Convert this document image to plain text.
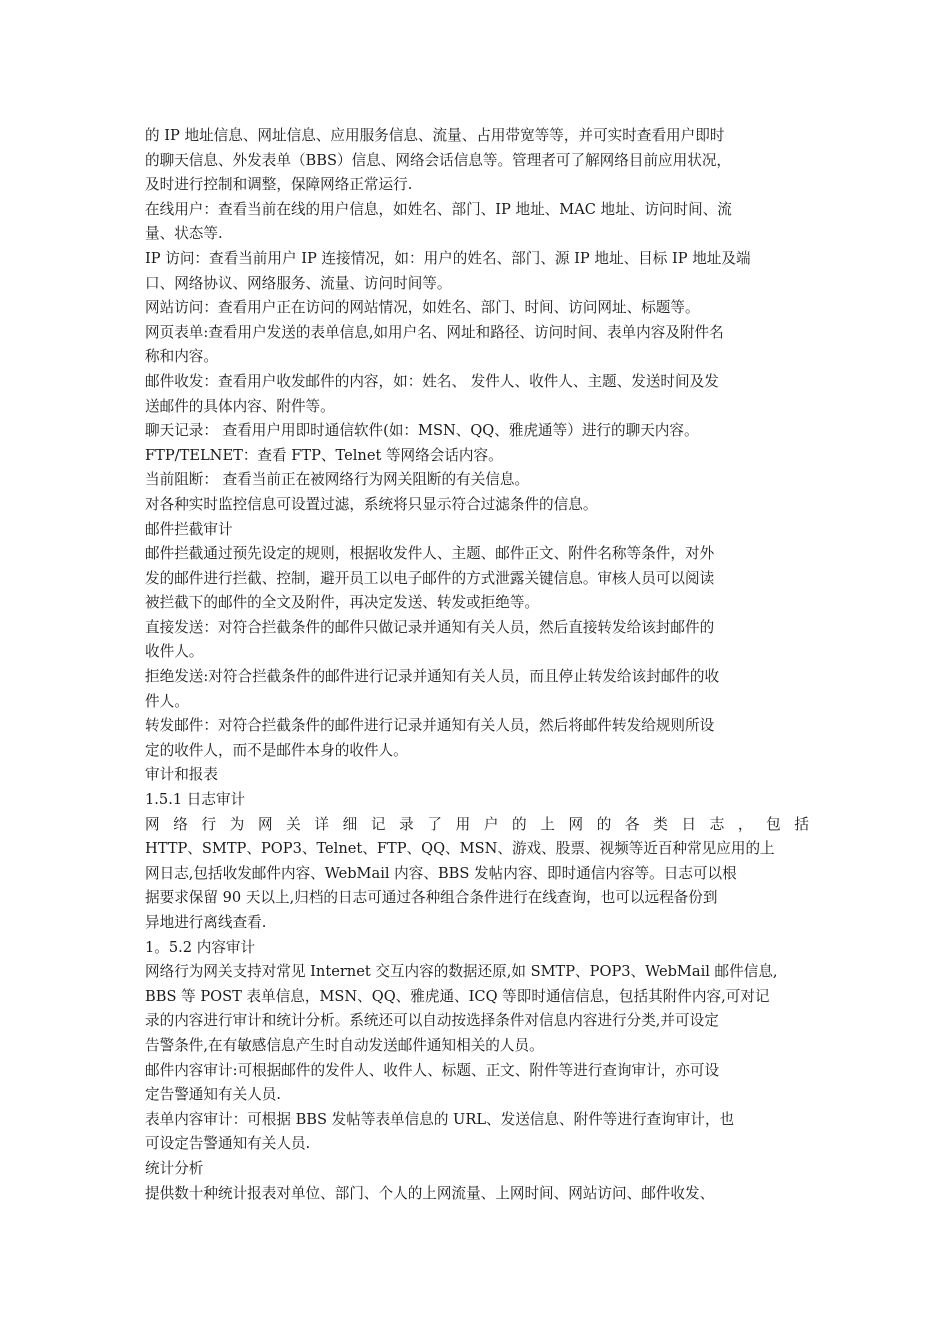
的 IP 地址信息、网址信息、应用服务信息、流量、占用带宽等等，并可实时查看用户即时
的聊天信息、外发表单（BBS）信息、网络会话信息等。管理者可了解网络目前应用状况，
及时进行控制和调整，保障网络正常运行.
在线用户：查看当前在线的用户信息，如姓名、部门、IP 地址、MAC 地址、访问时间、流
量、状态等.
IP 访问：查看当前用户 IP 连接情况，如：用户的姓名、部门、源 IP 地址、目标 IP 地址及端
口、网络协议、网络服务、流量、访问时间等。
网站访问：查看用户正在访问的网站情况，如姓名、部门、时间、访问网址、标题等。
网页表单:查看用户发送的表单信息,如用户名、网址和路径、访问时间、表单内容及附件名
称和内容。
邮件收发：查看用户收发邮件的内容，如：姓名、 发件人、收件人、主题、发送时间及发
送邮件的具体内容、附件等。
聊天记录： 查看用户用即时通信软件(如：MSN、QQ、雅虎通等）进行的聊天内容。
FTP/TELNET：查看 FTP、Telnet 等网络会话内容。
当前阻断： 查看当前正在被网络行为网关阻断的有关信息。
对各种实时监控信息可设置过滤，系统将只显示符合过滤条件的信息。
邮件拦截审计
邮件拦截通过预先设定的规则，根据收发件人、主题、邮件正文、附件名称等条件，对外
发的邮件进行拦截、控制，避开员工以电子邮件的方式泄露关键信息。审核人员可以阅读
被拦截下的邮件的全文及附件，再决定发送、转发或拒绝等。
直接发送：对符合拦截条件的邮件只做记录并通知有关人员，然后直接转发给该封邮件的
收件人。
拒绝发送:对符合拦截条件的邮件进行记录并通知有关人员，而且停止转发给该封邮件的收
件人。
转发邮件：对符合拦截条件的邮件进行记录并通知有关人员，然后将邮件转发给规则所设
定的收件人，而不是邮件本身的收件人。
审计和报表
1.5.1 日志审计
网 络 行 为 网 关 详 细 记 录 了 用 户 的 上 网 的 各 类 日 志 ， 包 括
HTTP、SMTP、POP3、Telnet、FTP、QQ、MSN、游戏、股票、视频等近百种常见应用的上
网日志,包括收发邮件内容、WebMail 内容、BBS 发帖内容、即时通信内容等。日志可以根
据要求保留 90 天以上,归档的日志可通过各种组合条件进行在线查询，也可以远程备份到
异地进行离线查看.
1。5.2 内容审计
网络行为网关支持对常见 Internet 交互内容的数据还原,如 SMTP、POP3、WebMail 邮件信息,
BBS 等 POST 表单信息，MSN、QQ、雅虎通、ICQ 等即时通信信息，包括其附件内容,可对记
录的内容进行审计和统计分析。系统还可以自动按选择条件对信息内容进行分类,并可设定
告警条件,在有敏感信息产生时自动发送邮件通知相关的人员。
邮件内容审计:可根据邮件的发件人、收件人、标题、正文、附件等进行查询审计，亦可设
定告警通知有关人员.
表单内容审计：可根据 BBS 发帖等表单信息的 URL、发送信息、附件等进行查询审计，也
可设定告警通知有关人员.
统计分析
提供数十种统计报表对单位、部门、个人的上网流量、上网时间、网站访问、邮件收发、
